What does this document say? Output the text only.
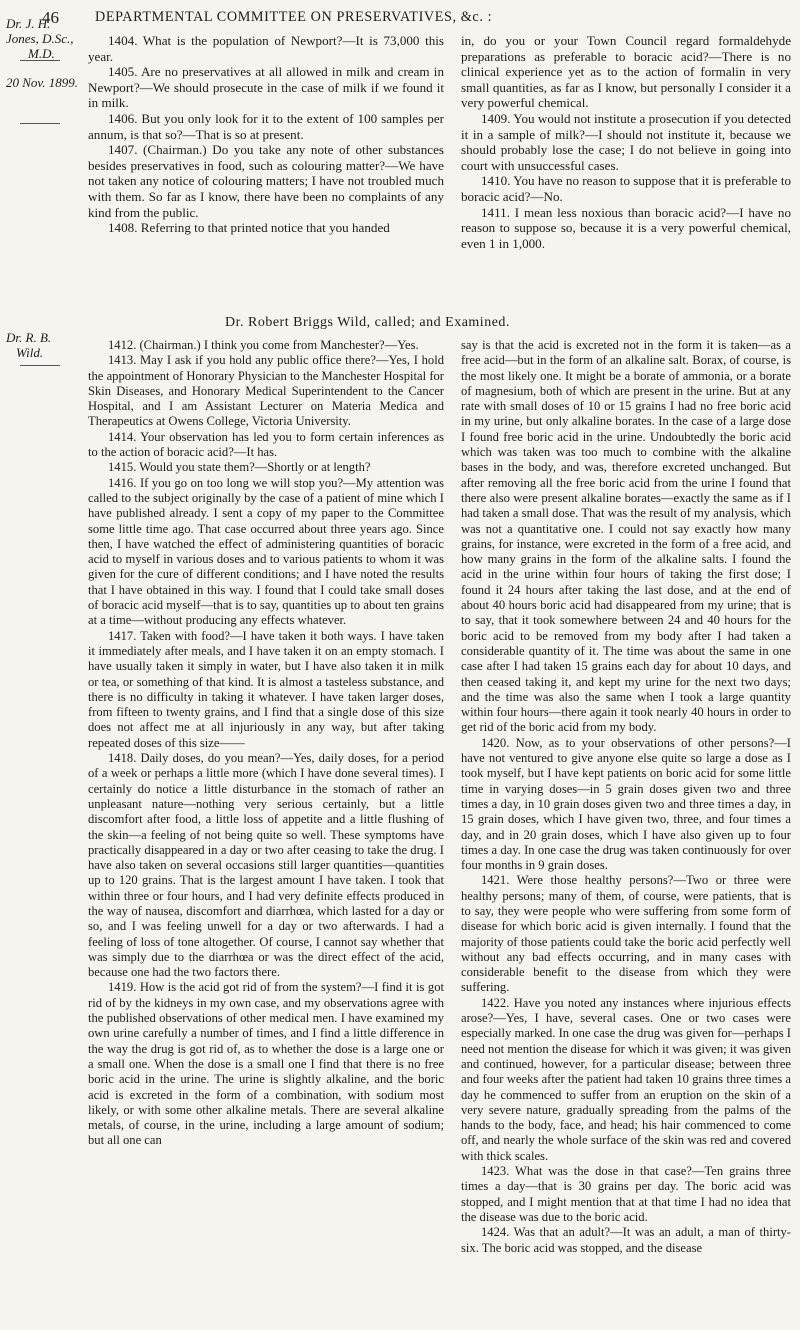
46	DEPARTMENTAL COMMITTEE ON PRESERVATIVES, &c. :
Dr. J. H.
Jones, D.Sc.,
M.D.
20 Nov. 1899.
Dr. R. B.
Wild.

1404. What is the population of Newport?—It is 73,000 this year.

1405. Are no preservatives at all allowed in milk and cream in Newport?—We should prosecute in the case of milk if we found it in milk.

1406. But you only look for it to the extent of 100 samples per annum, is that so?—That is so at present.

1407. (Chairman.) Do you take any note of other substances besides preservatives in food, such as colouring matter?—We have not taken any notice of colouring matters; I have not troubled much with them. So far as I know, there have been no complaints of any kind from the public.

1408. Referring to that printed notice that you handed

in, do you or your Town Council regard formaldehyde preparations as preferable to boracic acid?—There is no clinical experience yet as to the action of formalin in very small quantities, as far as I know, but personally I consider it a very powerful chemical.

1409. You would not institute a prosecution if you detected it in a sample of milk?—I should not institute it, because we should probably lose the case; I do not believe in going into court with unsuccessful cases.

1410. You have no reason to suppose that it is preferable to boracic acid?—No.

1411. I mean less noxious than boracic acid?—I have no reason to suppose so, because it is a very powerful chemical, even 1 in 1,000.

Dr. Robert Briggs Wild, called; and Examined.

1412. (Chairman.) I think you come from Manchester?—Yes.

1413. May I ask if you hold any public office there?—Yes, I hold the appointment of Honorary Physician to the Manchester Hospital for Skin Diseases, and Honorary Medical Superintendent to the Cancer Hospital, and I am Assistant Lecturer on Materia Medica and Therapeutics at Owens College, Victoria University.

1414. Your observation has led you to form certain inferences as to the action of boracic acid?—It has.

1415. Would you state them?—Shortly or at length?

1416. If you go on too long we will stop you?—My attention was called to the subject originally by the case of a patient of mine which I have published already. I sent a copy of my paper to the Committee some little time ago. That case occurred about three years ago. Since then, I have watched the effect of administering quantities of boracic acid to myself in various doses and to various patients to whom it was given for the cure of different conditions; and I have noted the results that I have obtained in this way. I found that I could take small doses of boracic acid myself—that is to say, quantities up to about ten grains at a time—without producing any effects whatever.

1417. Taken with food?—I have taken it both ways. I have taken it immediately after meals, and I have taken it on an empty stomach. I have usually taken it simply in water, but I have also taken it in milk or tea, or something of that kind. It is almost a tasteless substance, and there is no difficulty in taking it whatever. I have taken larger doses, from fifteen to twenty grains, and I find that a single dose of this size does not affect me at all injuriously in any way, but after taking repeated doses of this size——

1418. Daily doses, do you mean?—Yes, daily doses, for a period of a week or perhaps a little more (which I have done several times). I certainly do notice a little disturbance in the stomach of rather an unpleasant nature—nothing very serious certainly, but a little discomfort after food, a little loss of appetite and a little flushing of the skin—a feeling of not being quite so well. These symptoms have practically disappeared in a day or two after ceasing to take the drug. I have also taken on several occasions still larger quantities—quantities up to 120 grains. That is the largest amount I have taken. I took that within three or four hours, and I had very definite effects produced in the way of nausea, discomfort and diarrhœa, which lasted for a day or so, and I was feeling unwell for a day or two afterwards. I had a feeling of loss of tone altogether. Of course, I cannot say whether that was simply due to the diarrhœa or was the direct effect of the acid, because one had the two factors there.

1419. How is the acid got rid of from the system?—I find it is got rid of by the kidneys in my own case, and my observations agree with the published observations of other medical men. I have examined my own urine carefully a number of times, and I find a little difference in the way the drug is got rid of, as to whether the dose is a large one or a small one. When the dose is a small one I find that there is no free boric acid in the urine. The urine is slightly alkaline, and the boric acid is excreted in the form of a combination, with sodium most likely, or with some other alkaline metals. There are several alkaline metals, of course, in the urine, including a large amount of sodium; but all one can

say is that the acid is excreted not in the form it is taken—as a free acid—but in the form of an alkaline salt. Borax, of course, is the most likely one. It might be a borate of ammonia, or a borate of magnesium, both of which are present in the urine. But at any rate with small doses of 10 or 15 grains I had no free boric acid in my urine, but only alkaline borates. In the case of a large dose I found free boric acid in the urine. Undoubtedly the boric acid which was taken was too much to combine with the alkaline bases in the body, and was, therefore excreted unchanged. But after removing all the free boric acid from the urine I found that there also were present alkaline borates—exactly the same as if I had taken a small dose. That was the result of my analysis, which was not a quantitative one. I could not say exactly how many grains, for instance, were excreted in the form of a free acid, and how many grains in the form of the alkaline salts. I found the acid in the urine within four hours of taking the first dose; I found it 24 hours after taking the last dose, and at the end of about 40 hours boric acid had disappeared from my urine; that is to say, that it took somewhere between 24 and 40 hours for the boric acid to be removed from my body after I had taken a considerable quantity of it. The time was about the same in one case after I had taken 15 grains each day for about 10 days, and then ceased taking it, and kept my urine for the next two days; and the time was also the same when I took a large quantity within four hours—there again it took nearly 40 hours in order to get rid of the boric acid from my body.

1420. Now, as to your observations of other persons?—I have not ventured to give anyone else quite so large a dose as I took myself, but I have kept patients on boric acid for some little time in varying doses—in 5 grain doses given two and three times a day, in 10 grain doses given two and three times a day, in 15 grain doses, which I have given two, three, and four times a day, and in 20 grain doses, which I have also given up to four times a day. In one case the drug was taken continuously for over four months in 9 grain doses.

1421. Were those healthy persons?—Two or three were healthy persons; many of them, of course, were patients, that is to say, they were people who were suffering from some form of disease for which boric acid is given internally. I found that the majority of those patients could take the boric acid perfectly well without any bad effects occurring, and in many cases with considerable benefit to the disease from which they were suffering.

1422. Have you noted any instances where injurious effects arose?—Yes, I have, several cases. One or two cases were especially marked. In one case the drug was given for—perhaps I need not mention the disease for which it was given; it was given and continued, however, for a particular disease; between three and four weeks after the patient had taken 10 grains three times a day he commenced to suffer from an eruption on the skin of a very severe nature, gradually spreading from the palms of the hands to the body, face, and head; his hair commenced to come off, and nearly the whole surface of the skin was red and covered with thick scales.

1423. What was the dose in that case?—Ten grains three times a day—that is 30 grains per day. The boric acid was stopped, and I might mention that at that time I had no idea that the disease was due to the boric acid.

1424. Was that an adult?—It was an adult, a man of thirty-six. The boric acid was stopped, and the disease
